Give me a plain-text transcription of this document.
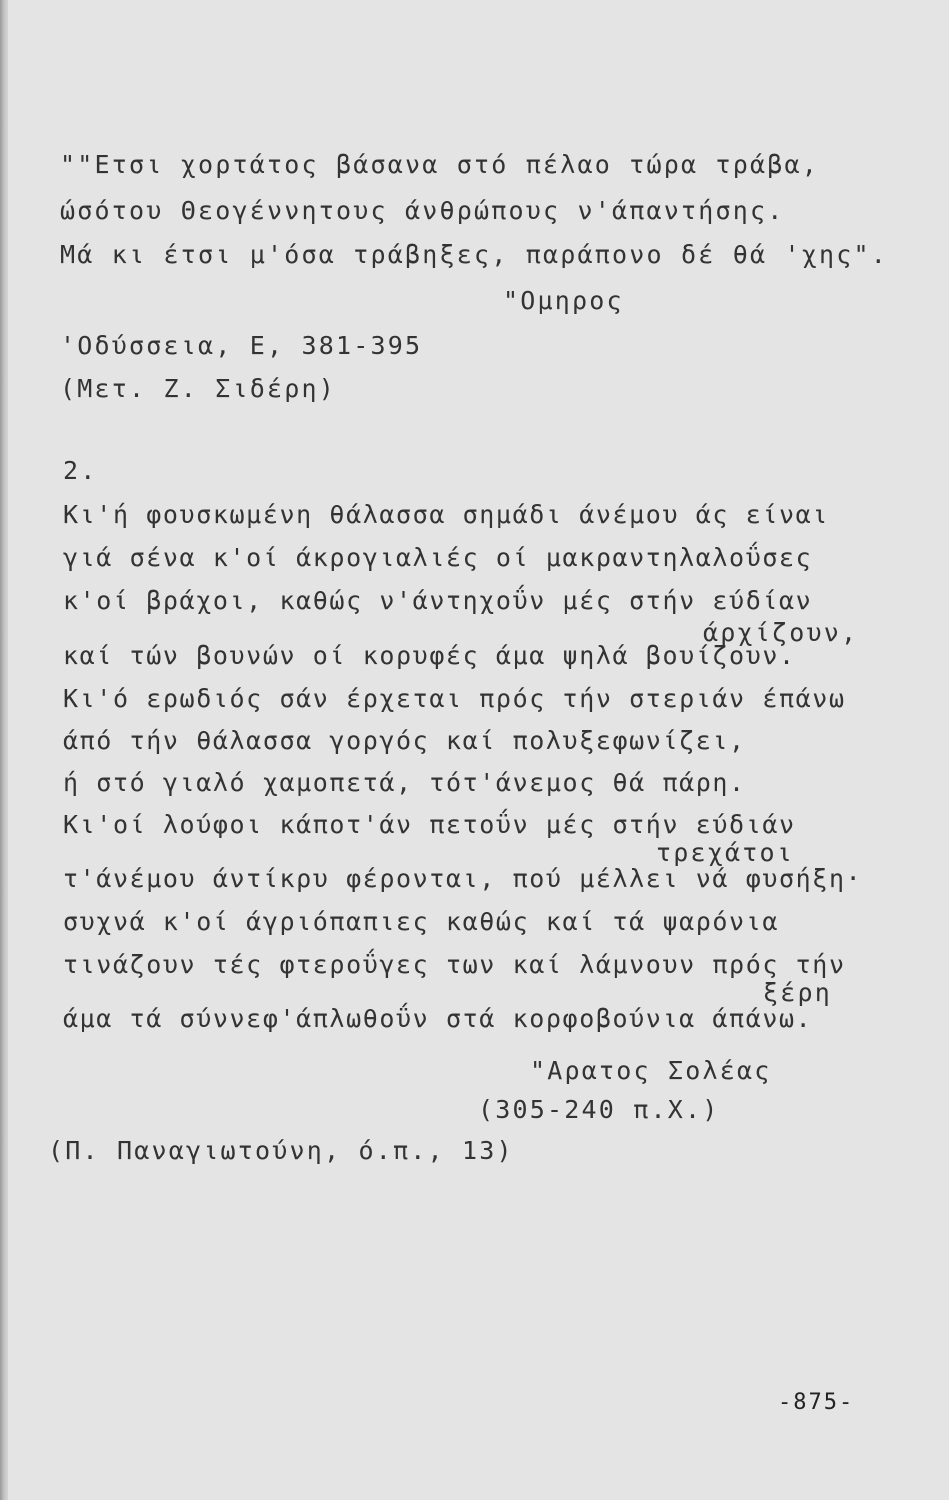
""Ετσι χορτάτος βάσανα στό πέλαο τώρα τράβα,
ώσότου Θεογέννητους άνθρώπους ν'άπαντήσης.
Μά κι έτσι μ'όσα τράβηξες, παράπονο δέ θά 'χης".
"Ομηρος
'Οδύσσεια, Ε, 381-395
(Μετ. Ζ. Σιδέρη)
2.
Κι'ή φουσκωμένη θάλασσα σημάδι άνέμου άς είναι
γιά σένα κ'οί άκρογιαλιές οί μακραντηλαλοΰσες
κ'οί βράχοι, καθώς ν'άντηχοΰν μές στήν εύδίαν
άρχίζουν,
καί τών βουνών οί κορυφές άμα ψηλά βουίζουν.
Κι'ό ερωδιός σάν έρχεται πρός τήν στεριάν έπάνω
άπό τήν θάλασσα γοργός καί πολυξεφωνίζει,
ή στό γιαλό χαμοπετά, τότ'άνεμος θά πάρη.
Κι'οί λούφοι κάποτ'άν πετοΰν μές στήν εύδιάν
τρεχάτοι
τ'άνέμου άντίκρυ φέρονται, πού μέλλει νά φυσήξη·
συχνά κ'οί άγριόπαπιες καθώς καί τά ψαρόνια
τινάζουν τές φτεροΰγες των καί λάμνουν πρός τήν
ξέρη
άμα τά σύννεφ'άπλωθοΰν στά κορφοβούνια άπάνω.
"Αρατος Σολέας
(305-240 π.Χ.)
(Π. Παναγιωτούνη, ό.π., 13)
-875-
